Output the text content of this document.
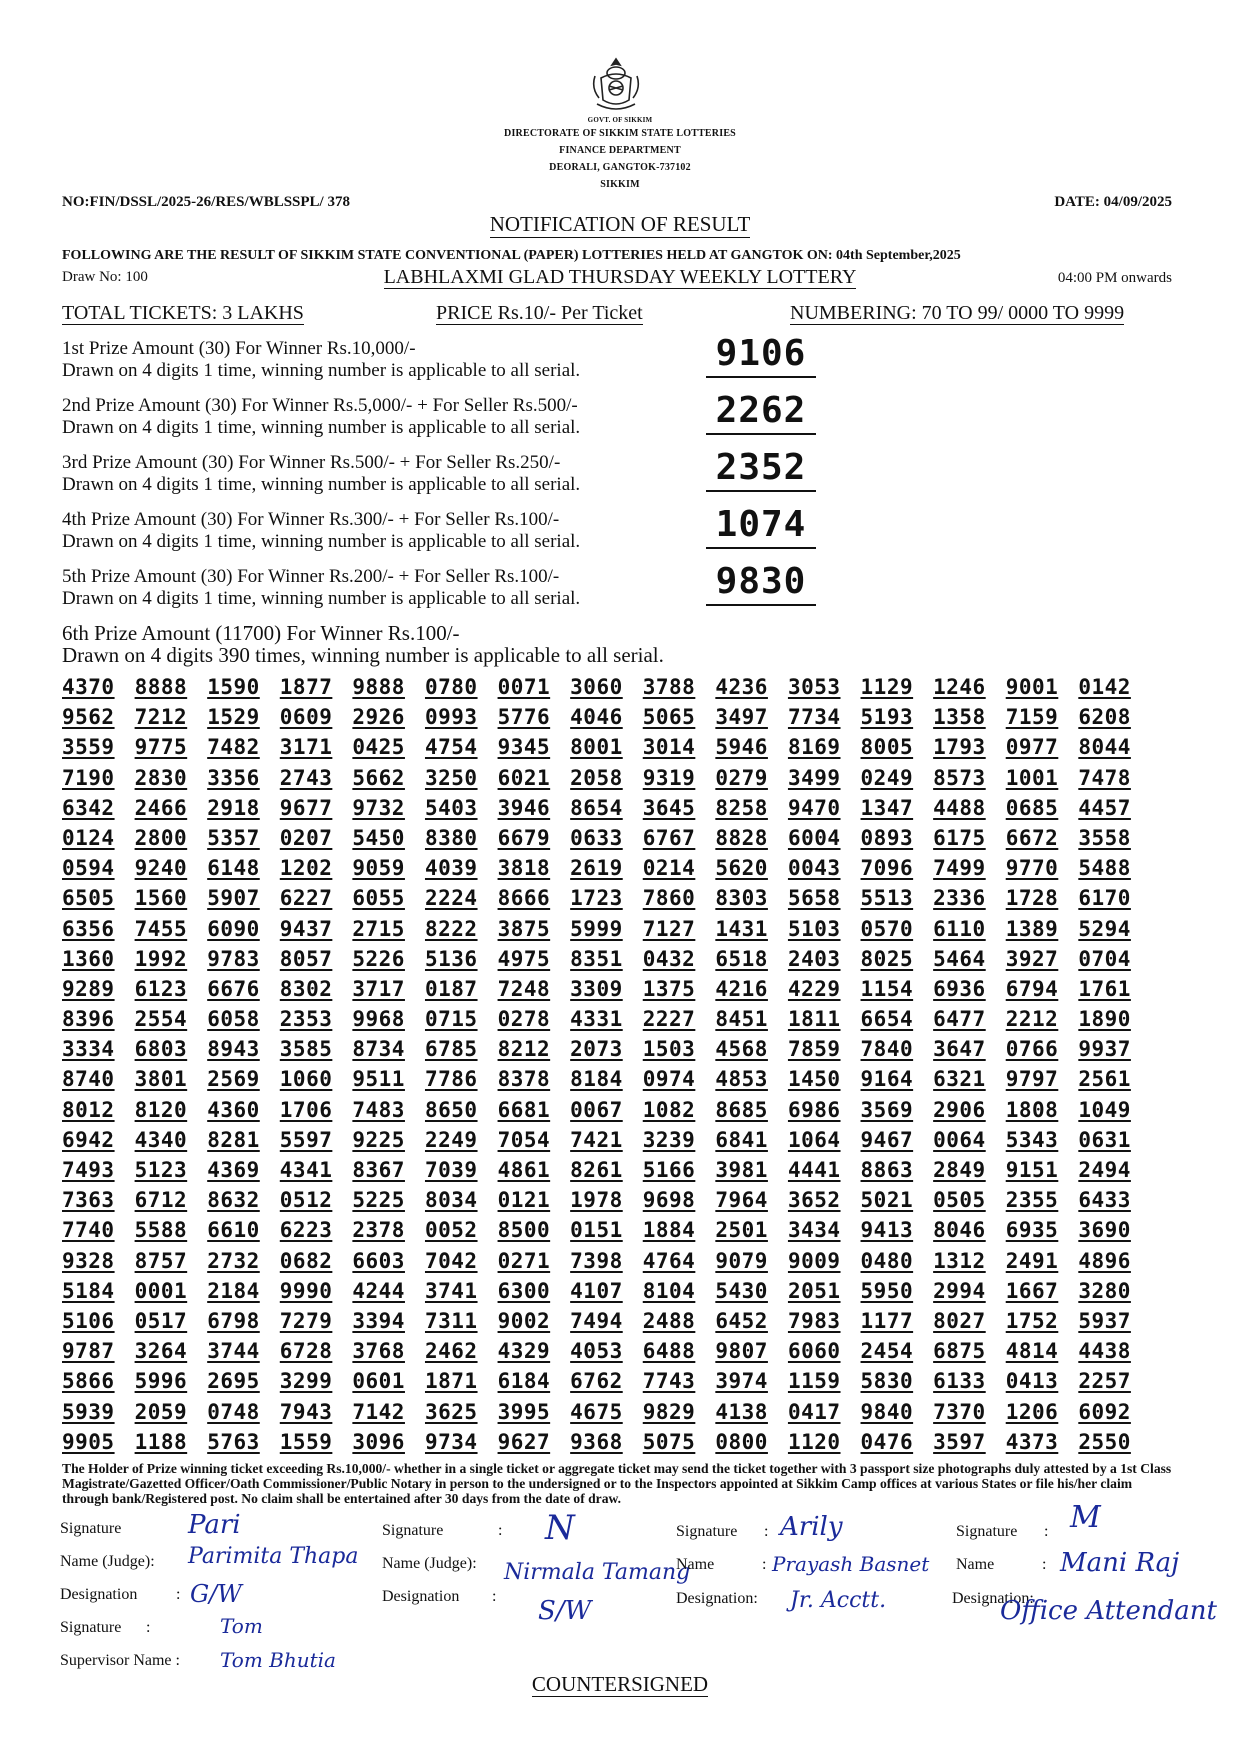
GOVT. OF SIKKIM
DIRECTORATE OF SIKKIM STATE LOTTERIES
FINANCE DEPARTMENT
DEORALI, GANGTOK-737102
SIKKIM
NO:FIN/DSSL/2025-26/RES/WBLSSPL/ 378	DATE: 04/09/2025
NOTIFICATION OF RESULT
FOLLOWING ARE THE RESULT OF SIKKIM STATE CONVENTIONAL (PAPER) LOTTERIES HELD AT GANGTOK ON: 04th September,2025
Draw No: 100	LABHLAXMI GLAD THURSDAY WEEKLY LOTTERY	04:00 PM onwards
TOTAL TICKETS: 3 LAKHS	PRICE Rs.10/- Per Ticket	NUMBERING: 70 TO 99/ 0000 TO 9999
1st Prize Amount (30) For Winner Rs.10,000/-
Drawn on 4 digits 1 time, winning number is applicable to all serial.	9106
2nd Prize Amount (30) For Winner Rs.5,000/- + For Seller Rs.500/-
Drawn on 4 digits 1 time, winning number is applicable to all serial.	2262
3rd Prize Amount (30) For Winner Rs.500/- + For Seller Rs.250/-
Drawn on 4 digits 1 time, winning number is applicable to all serial.	2352
4th Prize Amount (30) For Winner Rs.300/- + For Seller Rs.100/-
Drawn on 4 digits 1 time, winning number is applicable to all serial.	1074
5th Prize Amount (30) For Winner Rs.200/- + For Seller Rs.100/-
Drawn on 4 digits 1 time, winning number is applicable to all serial.	9830
6th Prize Amount (11700) For Winner Rs.100/-
Drawn on 4 digits 390 times, winning number is applicable to all serial.
4370 8888 1590 1877 9888 0780 0071 3060 3788 4236 3053 1129 1246 9001 0142
9562 7212 1529 0609 2926 0993 5776 4046 5065 3497 7734 5193 1358 7159 6208
3559 9775 7482 3171 0425 4754 9345 8001 3014 5946 8169 8005 1793 0977 8044
7190 2830 3356 2743 5662 3250 6021 2058 9319 0279 3499 0249 8573 1001 7478
6342 2466 2918 9677 9732 5403 3946 8654 3645 8258 9470 1347 4488 0685 4457
0124 2800 5357 0207 5450 8380 6679 0633 6767 8828 6004 0893 6175 6672 3558
0594 9240 6148 1202 9059 4039 3818 2619 0214 5620 0043 7096 7499 9770 5488
6505 1560 5907 6227 6055 2224 8666 1723 7860 8303 5658 5513 2336 1728 6170
6356 7455 6090 9437 2715 8222 3875 5999 7127 1431 5103 0570 6110 1389 5294
1360 1992 9783 8057 5226 5136 4975 8351 0432 6518 2403 8025 5464 3927 0704
9289 6123 6676 8302 3717 0187 7248 3309 1375 4216 4229 1154 6936 6794 1761
8396 2554 6058 2353 9968 0715 0278 4331 2227 8451 1811 6654 6477 2212 1890
3334 6803 8943 3585 8734 6785 8212 2073 1503 4568 7859 7840 3647 0766 9937
8740 3801 2569 1060 9511 7786 8378 8184 0974 4853 1450 9164 6321 9797 2561
8012 8120 4360 1706 7483 8650 6681 0067 1082 8685 6986 3569 2906 1808 1049
6942 4340 8281 5597 9225 2249 7054 7421 3239 6841 1064 9467 0064 5343 0631
7493 5123 4369 4341 8367 7039 4861 8261 5166 3981 4441 8863 2849 9151 2494
7363 6712 8632 0512 5225 8034 0121 1978 9698 7964 3652 5021 0505 2355 6433
7740 5588 6610 6223 2378 0052 8500 0151 1884 2501 3434 9413 8046 6935 3690
9328 8757 2732 0682 6603 7042 0271 7398 4764 9079 9009 0480 1312 2491 4896
5184 0001 2184 9990 4244 3741 6300 4107 8104 5430 2051 5950 2994 1667 3280
5106 0517 6798 7279 3394 7311 9002 7494 2488 6452 7983 1177 8027 1752 5937
9787 3264 3744 6728 3768 2462 4329 4053 6488 9807 6060 2454 6875 4814 4438
5866 5996 2695 3299 0601 1871 6184 6762 7743 3974 1159 5830 6133 0413 2257
5939 2059 0748 7943 7142 3625 3995 4675 9829 4138 0417 9840 7370 1206 6092
9905 1188 5763 1559 3096 9734 9627 9368 5075 0800 1120 0476 3597 4373 2550
The Holder of Prize winning ticket exceeding Rs.10,000/- whether in a single ticket or aggregate ticket may send the ticket together with 3 passport size photographs duly attested by a 1st Class Magistrate/Gazetted Officer/Oath Commissioner/Public Notary in person to the undersigned or to the Inspectors appointed at Sikkim Camp offices at various States or file his/her claim through bank/Registered post. No claim shall be entertained after 30 days from the date of draw.
Signature	Pari
Name (Judge): Parimita Thapa
Designation : G/W
Signature	: N
Name (Judge): Nirmala Tamang
Designation : S/W
Signature : Arily
Name	: Prayash Basnet
Designation: Jr. Acctt.
Signature : M
Name	: Mani Raj
Designation:
Office Attendant
Signature :	Tom
Supervisor Name : Tom Bhutia
COUNTERSIGNED
